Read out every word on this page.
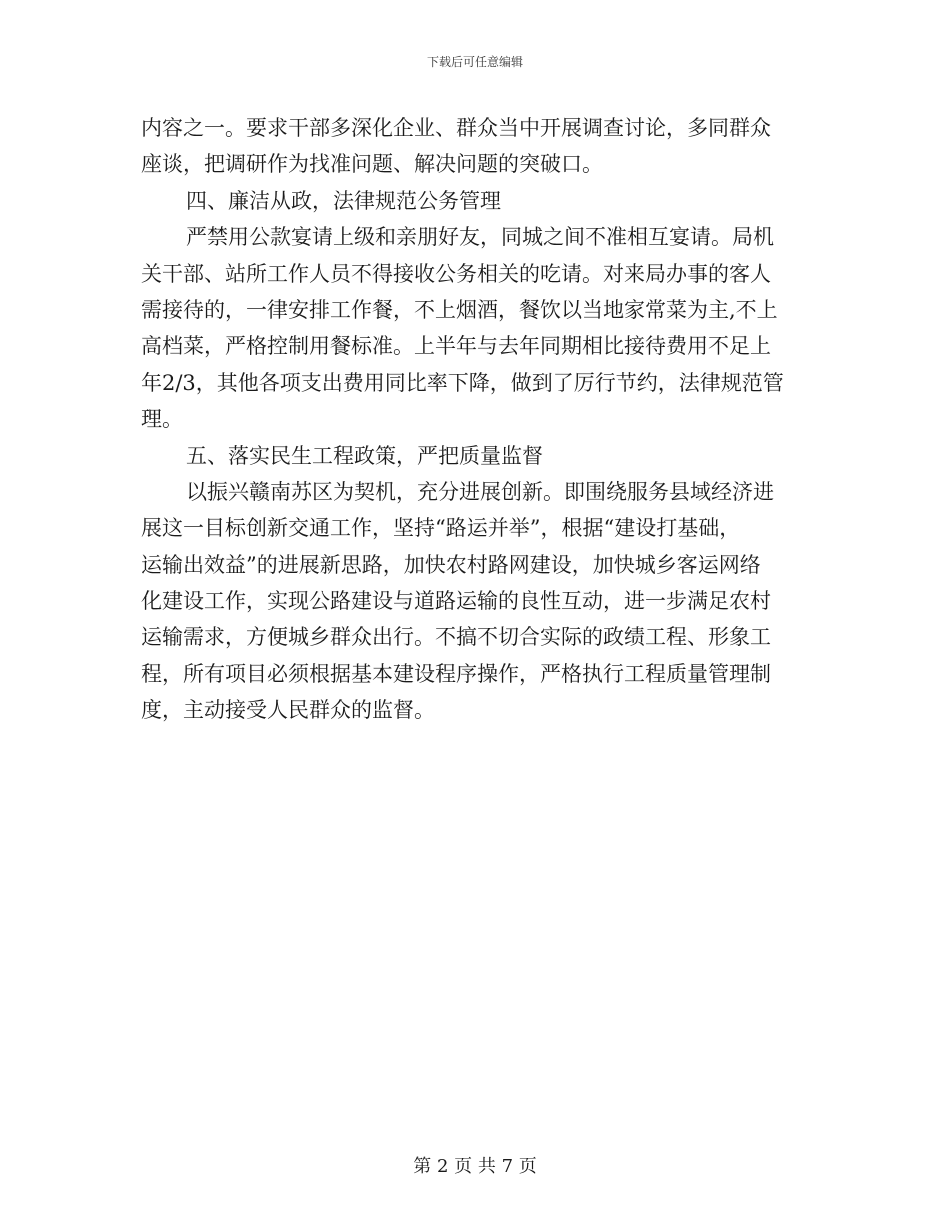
下载后可任意编辑
内容之一。要求干部多深化企业、群众当中开展调查讨论，多同群众
座谈，把调研作为找准问题、解决问题的突破口。
四、廉洁从政，法律规范公务管理
严禁用公款宴请上级和亲朋好友，同城之间不准相互宴请。局机
关干部、站所工作人员不得接收公务相关的吃请。对来局办事的客人
需接待的，一律安排工作餐，不上烟酒，餐饮以当地家常菜为主,不上
高档菜，严格控制用餐标准。上半年与去年同期相比接待费用不足上
年2/3，其他各项支出费用同比率下降，做到了厉行节约，法律规范管
理。
五、落实民生工程政策，严把质量监督
以振兴赣南苏区为契机，充分进展创新。即围绕服务县域经济进
展这一目标创新交通工作，坚持“路运并举”，根据“建设打基础，
运输出效益”的进展新思路，加快农村路网建设，加快城乡客运网络
化建设工作，实现公路建设与道路运输的良性互动，进一步满足农村
运输需求，方便城乡群众出行。不搞不切合实际的政绩工程、形象工
程，所有项目必须根据基本建设程序操作，严格执行工程质量管理制
度，主动接受人民群众的监督。
第 2 页 共 7 页
